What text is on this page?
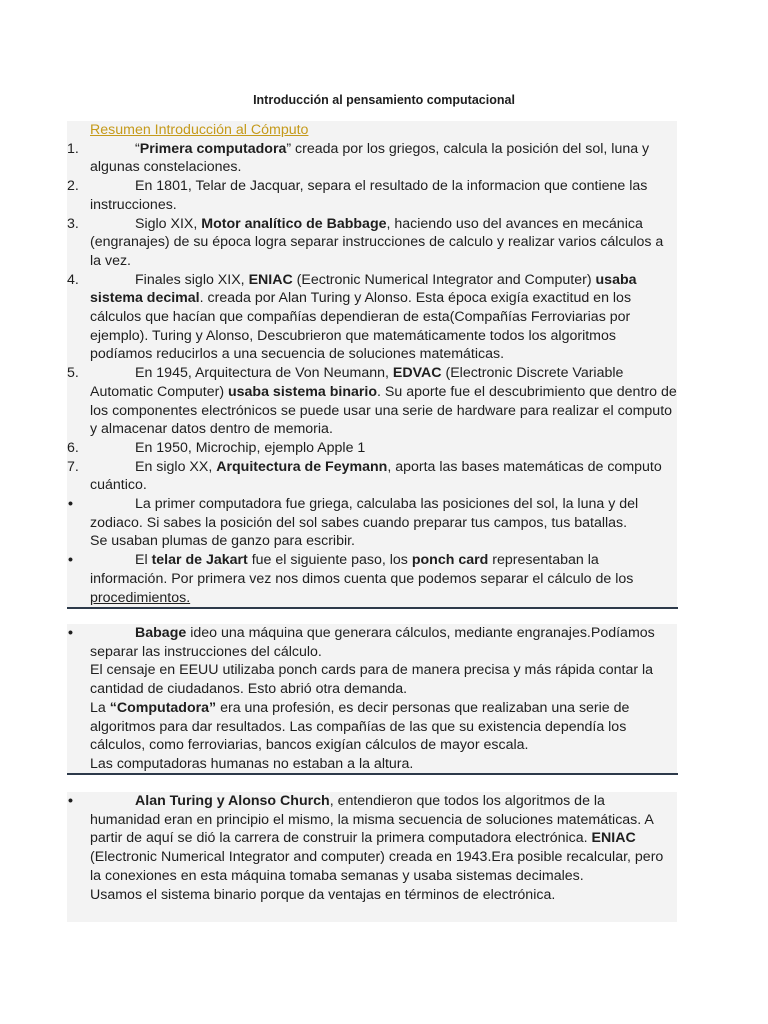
Introducción al pensamiento computacional
Resumen Introducción al Cómputo
1.	“Primera computadora” creada por los griegos, calcula la posición del sol, luna y algunas constelaciones.
2.	En 1801, Telar de Jacquar, separa el resultado de la informacion que contiene las instrucciones.
3.	Siglo XIX, Motor analítico de Babbage, haciendo uso del avances en mecánica (engranajes) de su época logra separar instrucciones de calculo y realizar varios cálculos a la vez.
4.	Finales siglo XIX, ENIAC (Eectronic Numerical Integrator and Computer) usaba sistema decimal. creada por Alan Turing y Alonso. Esta época exigía exactitud en los cálculos que hacían que compañías dependieran de esta(Compañías Ferroviarias por ejemplo). Turing y Alonso, Descubrieron que matemáticamente todos los algoritmos podíamos reducirlos a una secuencia de soluciones matemáticas.
5.	En 1945, Arquitectura de Von Neumann, EDVAC (Electronic Discrete Variable Automatic Computer) usaba sistema binario. Su aporte fue el descubrimiento que dentro de los componentes electrónicos se puede usar una serie de hardware para realizar el computo y almacenar datos dentro de memoria.
6.	En 1950, Microchip, ejemplo Apple 1
7.	En siglo XX, Arquitectura de Feymann, aporta las bases matemáticas de computo cuántico.
•	La primer computadora fue griega, calculaba las posiciones del sol, la luna y del zodiaco. Si sabes la posición del sol sabes cuando preparar tus campos, tus batallas.
Se usaban plumas de ganzo para escribir.
•	El telar de Jakart fue el siguiente paso, los ponch card representaban la información. Por primera vez nos dimos cuenta que podemos separar el cálculo de los procedimientos.
•	Babage ideo una máquina que generara cálculos, mediante engranajes.Podíamos separar las instrucciones del cálculo.
El censaje en EEUU utilizaba ponch cards para de manera precisa y más rápida contar la cantidad de ciudadanos. Esto abrió otra demanda.
La “Computadora” era una profesión, es decir personas que realizaban una serie de algoritmos para dar resultados. Las compañías de las que su existencia dependía los cálculos, como ferroviarias, bancos exigían cálculos de mayor escala.
Las computadoras humanas no estaban a la altura.
•	Alan Turing y Alonso Church, entendieron que todos los algoritmos de la humanidad eran en principio el mismo, la misma secuencia de soluciones matemáticas. A partir de aquí se dió la carrera de construir la primera computadora electrónica. ENIAC (Electronic Numerical Integrator and computer) creada en 1943.Era posible recalcular, pero la conexiones en esta máquina tomaba semanas y usaba sistemas decimales.
Usamos el sistema binario porque da ventajas en términos de electrónica.
